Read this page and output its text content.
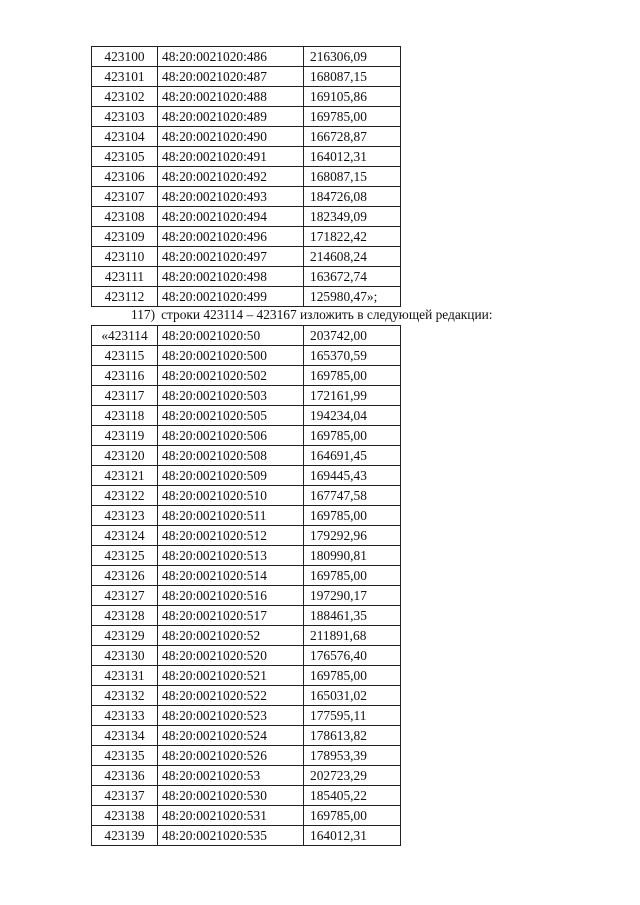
423100	48:20:0021020:486	216306,09
423101	48:20:0021020:487	168087,15
423102	48:20:0021020:488	169105,86
423103	48:20:0021020:489	169785,00
423104	48:20:0021020:490	166728,87
423105	48:20:0021020:491	164012,31
423106	48:20:0021020:492	168087,15
423107	48:20:0021020:493	184726,08
423108	48:20:0021020:494	182349,09
423109	48:20:0021020:496	171822,42
423110	48:20:0021020:497	214608,24
423111	48:20:0021020:498	163672,74
423112	48:20:0021020:499	125980,47»;
117) строки 423114 – 423167 изложить в следующей редакции:
«423114	48:20:0021020:50	203742,00
423115	48:20:0021020:500	165370,59
423116	48:20:0021020:502	169785,00
423117	48:20:0021020:503	172161,99
423118	48:20:0021020:505	194234,04
423119	48:20:0021020:506	169785,00
423120	48:20:0021020:508	164691,45
423121	48:20:0021020:509	169445,43
423122	48:20:0021020:510	167747,58
423123	48:20:0021020:511	169785,00
423124	48:20:0021020:512	179292,96
423125	48:20:0021020:513	180990,81
423126	48:20:0021020:514	169785,00
423127	48:20:0021020:516	197290,17
423128	48:20:0021020:517	188461,35
423129	48:20:0021020:52	211891,68
423130	48:20:0021020:520	176576,40
423131	48:20:0021020:521	169785,00
423132	48:20:0021020:522	165031,02
423133	48:20:0021020:523	177595,11
423134	48:20:0021020:524	178613,82
423135	48:20:0021020:526	178953,39
423136	48:20:0021020:53	202723,29
423137	48:20:0021020:530	185405,22
423138	48:20:0021020:531	169785,00
423139	48:20:0021020:535	164012,31
